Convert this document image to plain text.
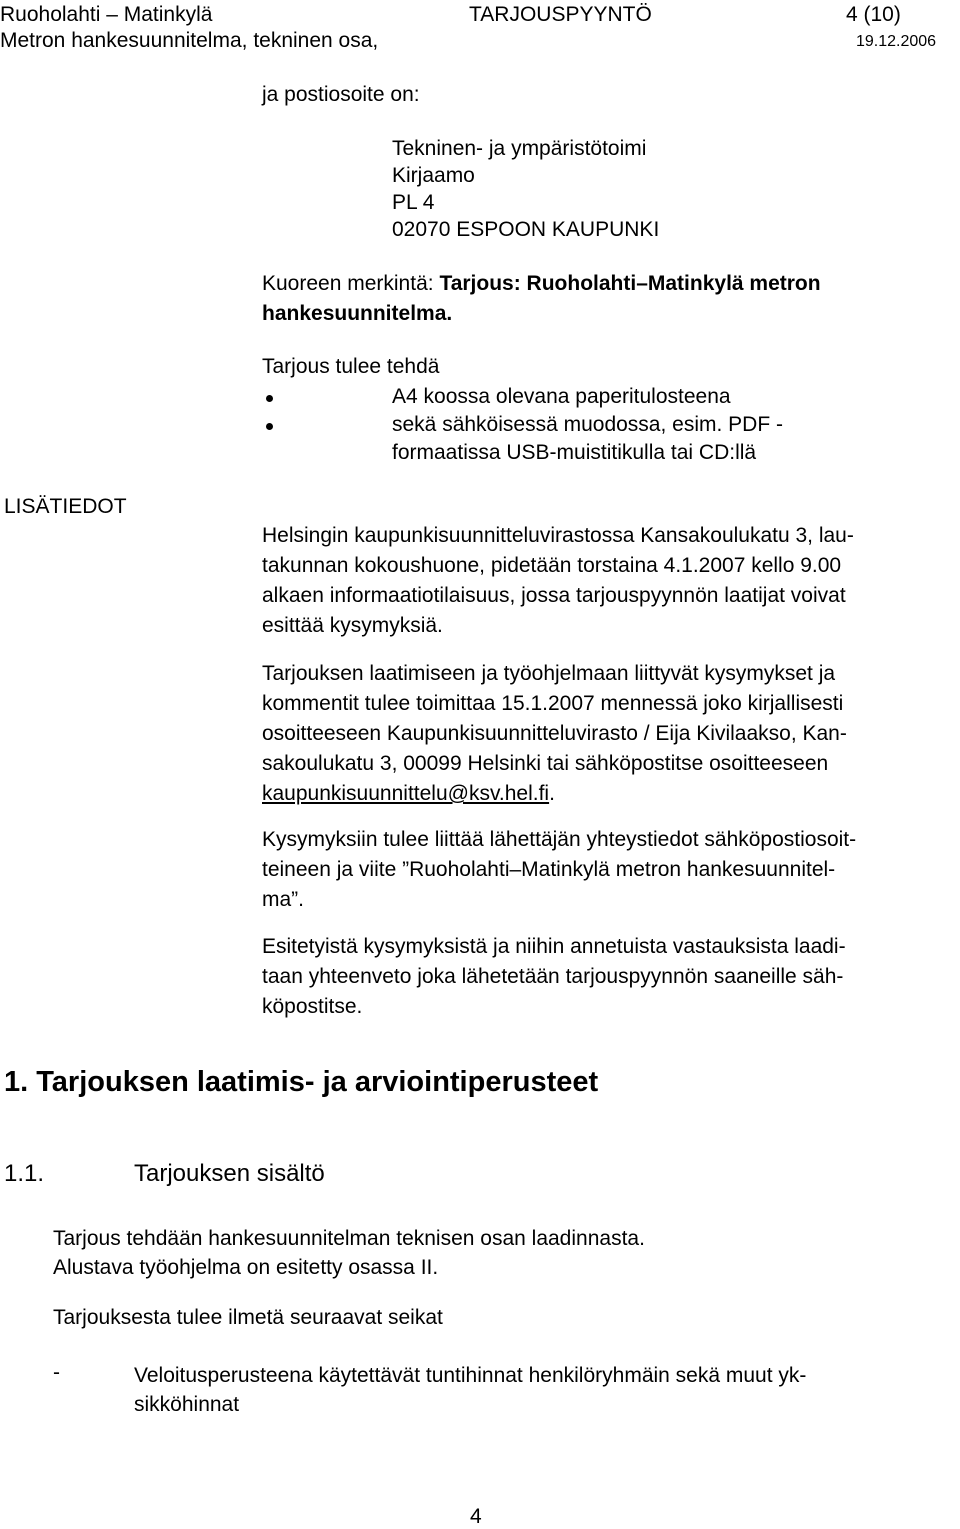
Ruoholahti – Matinkylä	TARJOUSPYYNTÖ	4 (10)
Metron hankesuunnitelma, tekninen osa,	19.12.2006
ja postiosoite on:
Tekninen- ja ympäristötoimi
Kirjaamo
PL 4
02070 ESPOON KAUPUNKI
Kuoreen merkintä: Tarjous: Ruoholahti–Matinkylä metron
hankesuunnitelma.
Tarjous tulee tehdä
A4 koossa olevana paperitulosteena
sekä sähköisessä muodossa, esim. PDF -
formaatissa USB-muistitikulla tai CD:llä
LISÄTIEDOT
Helsingin kaupunkisuunnitteluvirastossa Kansakoulukatu 3, lau-
takunnan kokoushuone, pidetään torstaina 4.1.2007 kello 9.00
alkaen informaatiotilaisuus, jossa tarjouspyynnön laatijat voivat
esittää kysymyksiä.
Tarjouksen laatimiseen ja työohjelmaan liittyvät kysymykset ja
kommentit tulee toimittaa 15.1.2007 mennessä joko kirjallisesti
osoitteeseen Kaupunkisuunnitteluvirasto / Eija Kivilaakso, Kan-
sakoulukatu 3, 00099 Helsinki tai sähköpostitse osoitteeseen
kaupunkisuunnittelu@ksv.hel.fi.
Kysymyksiin tulee liittää lähettäjän yhteystiedot sähköpostiosoit-
teineen ja viite ”Ruoholahti–Matinkylä metron hankesuunnitel-
ma”.
Esitetyistä kysymyksistä ja niihin annetuista vastauksista laadi-
taan yhteenveto joka lähetetään tarjouspyynnön saaneille säh-
köpostitse.
1. Tarjouksen laatimis- ja arviointiperusteet
1.1.	Tarjouksen sisältö
Tarjous tehdään hankesuunnitelman teknisen osan laadinnasta.
Alustava työohjelma on esitetty osassa II.
Tarjouksesta tulee ilmetä seuraavat seikat
-	Veloitusperusteena käytettävät tuntihinnat henkilöryhmäin sekä muut yk-
sikköhinnat
4
